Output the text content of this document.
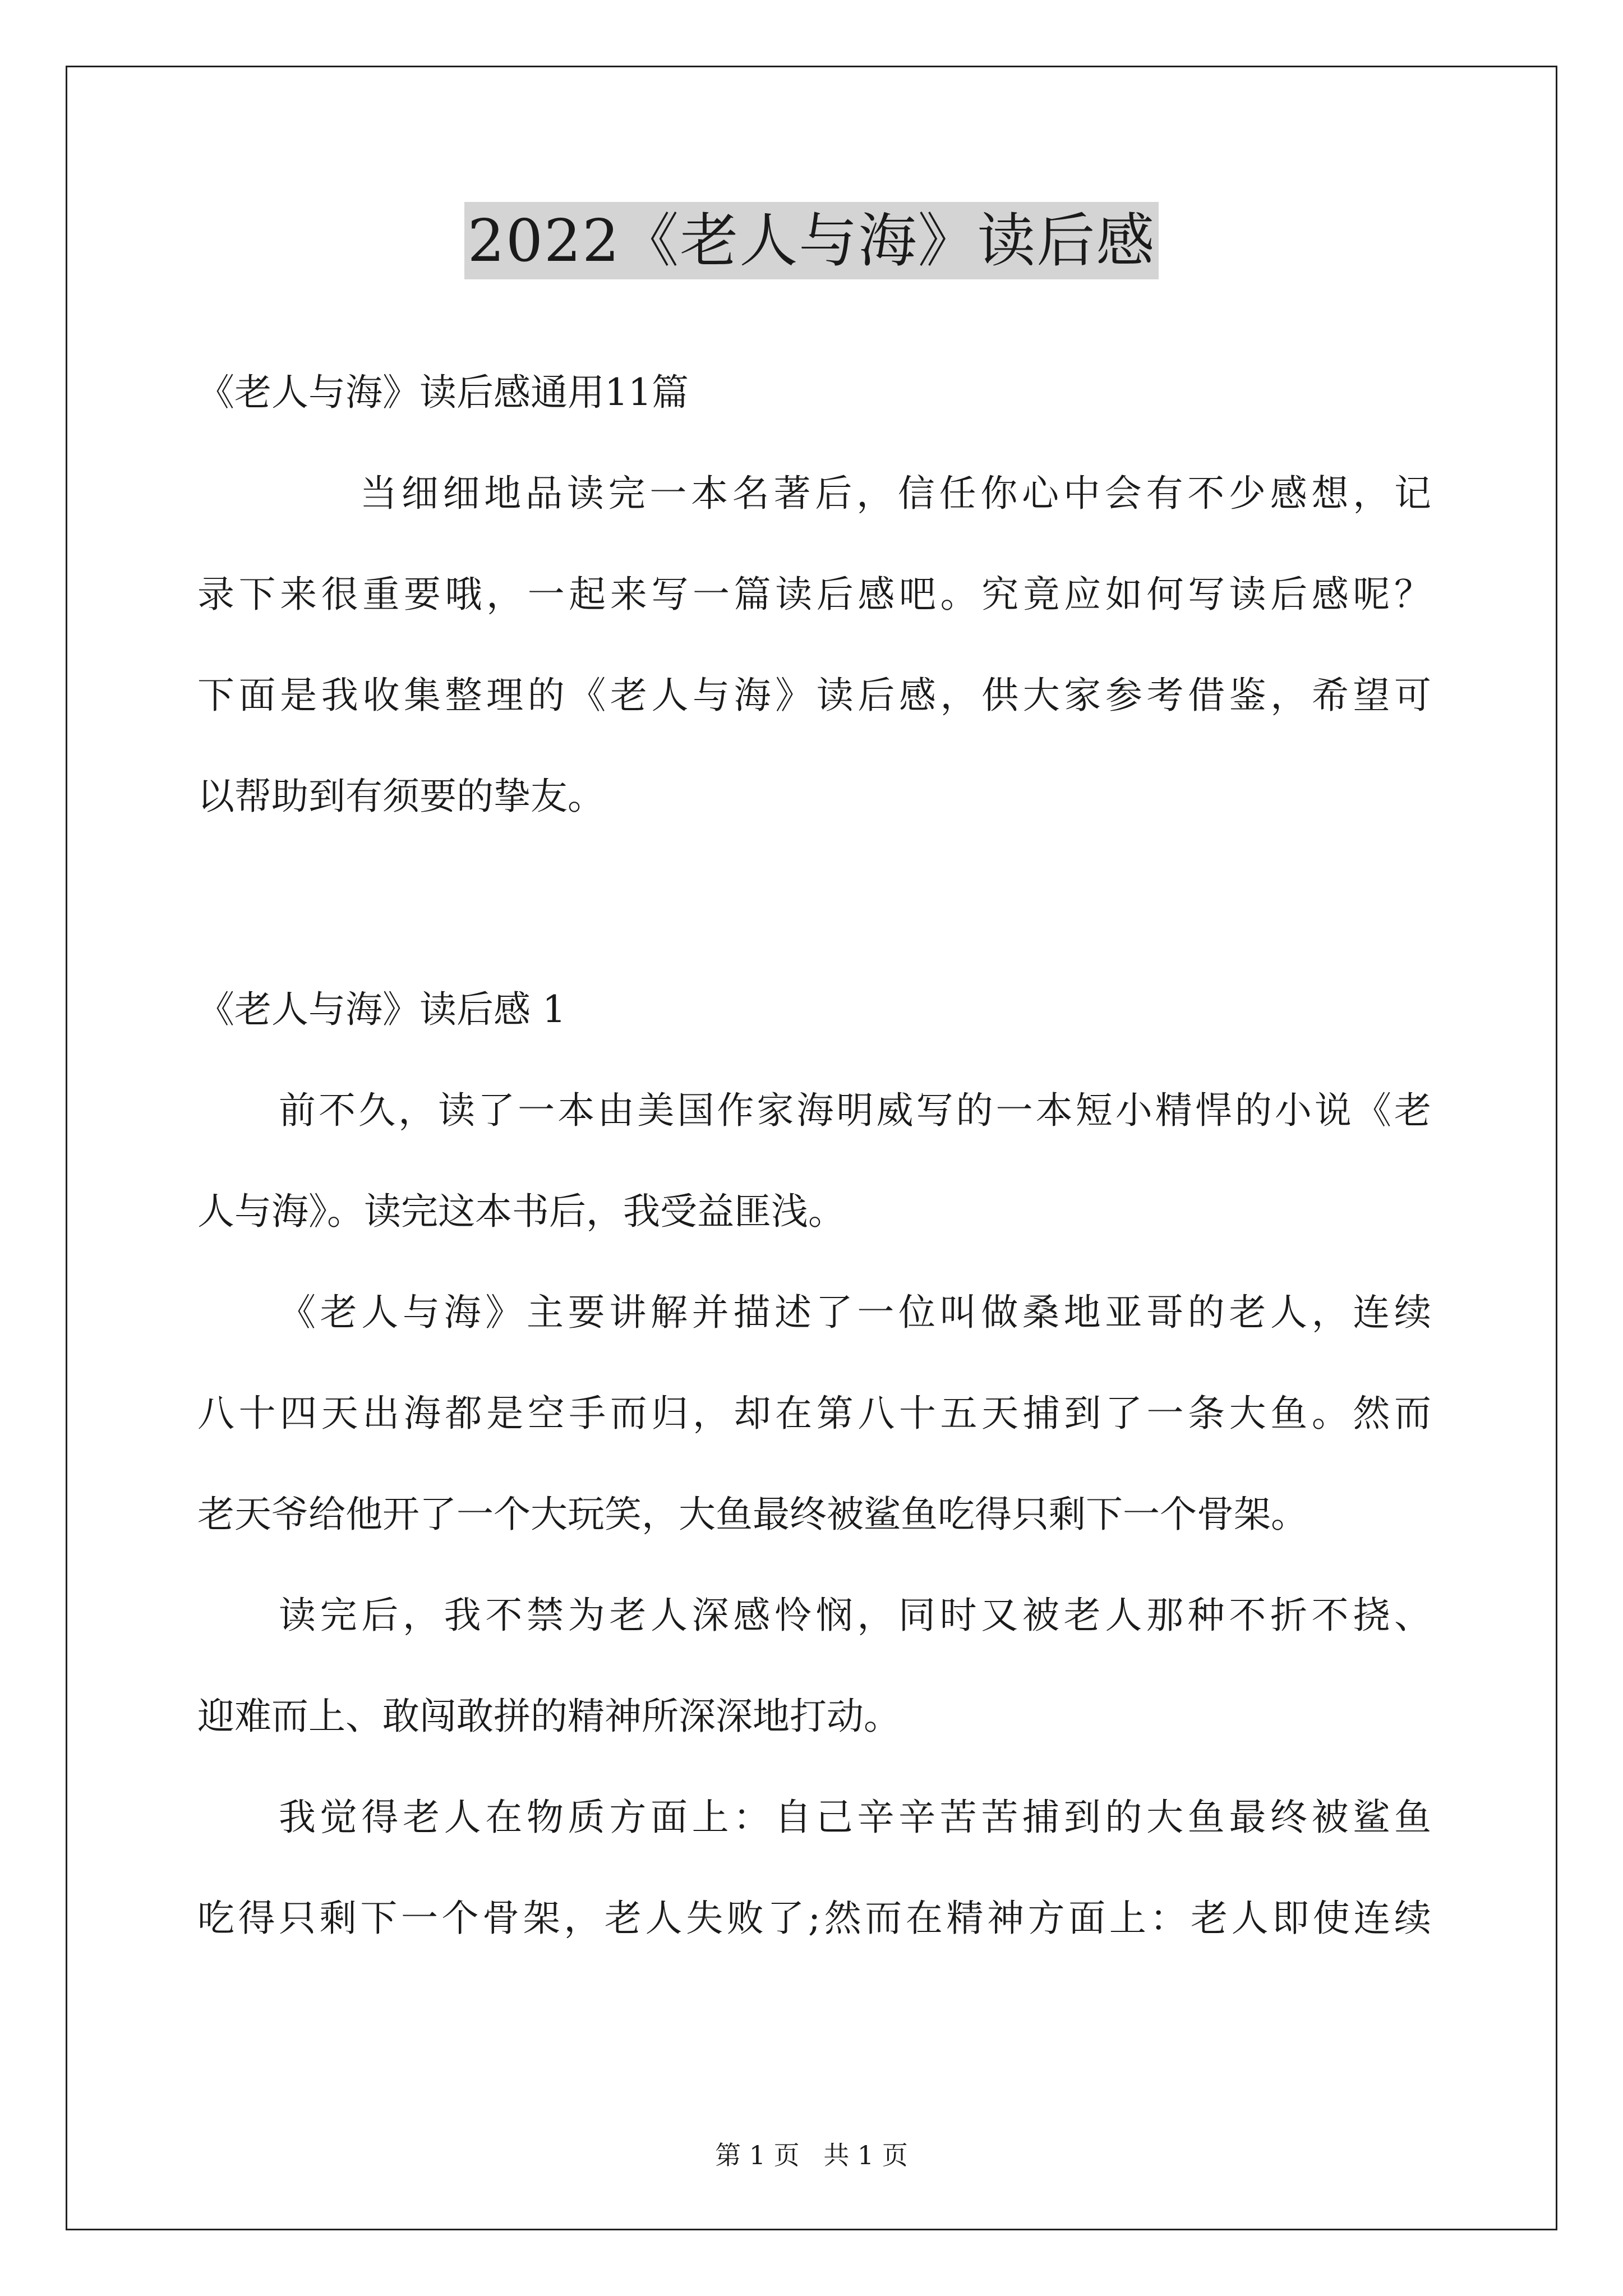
2022《老人与海》读后感
《老人与海》读后感通用11篇
当细细地品读完一本名著后，信任你心中会有不少感想，记
录下来很重要哦，一起来写一篇读后感吧。究竟应如何写读后感呢？
下面是我收集整理的《老人与海》读后感，供大家参考借鉴，希望可
以帮助到有须要的挚友。
《老人与海》读后感 1
前不久，读了一本由美国作家海明威写的一本短小精悍的小说《老
人与海》。读完这本书后，我受益匪浅。
《老人与海》主要讲解并描述了一位叫做桑地亚哥的老人，连续
八十四天出海都是空手而归，却在第八十五天捕到了一条大鱼。然而
老天爷给他开了一个大玩笑，大鱼最终被鲨鱼吃得只剩下一个骨架。
读完后，我不禁为老人深感怜悯，同时又被老人那种不折不挠、
迎难而上、敢闯敢拼的精神所深深地打动。
我觉得老人在物质方面上：自己辛辛苦苦捕到的大鱼最终被鲨鱼
吃得只剩下一个骨架，老人失败了;然而在精神方面上：老人即使连续
第 1 页 共 1 页
